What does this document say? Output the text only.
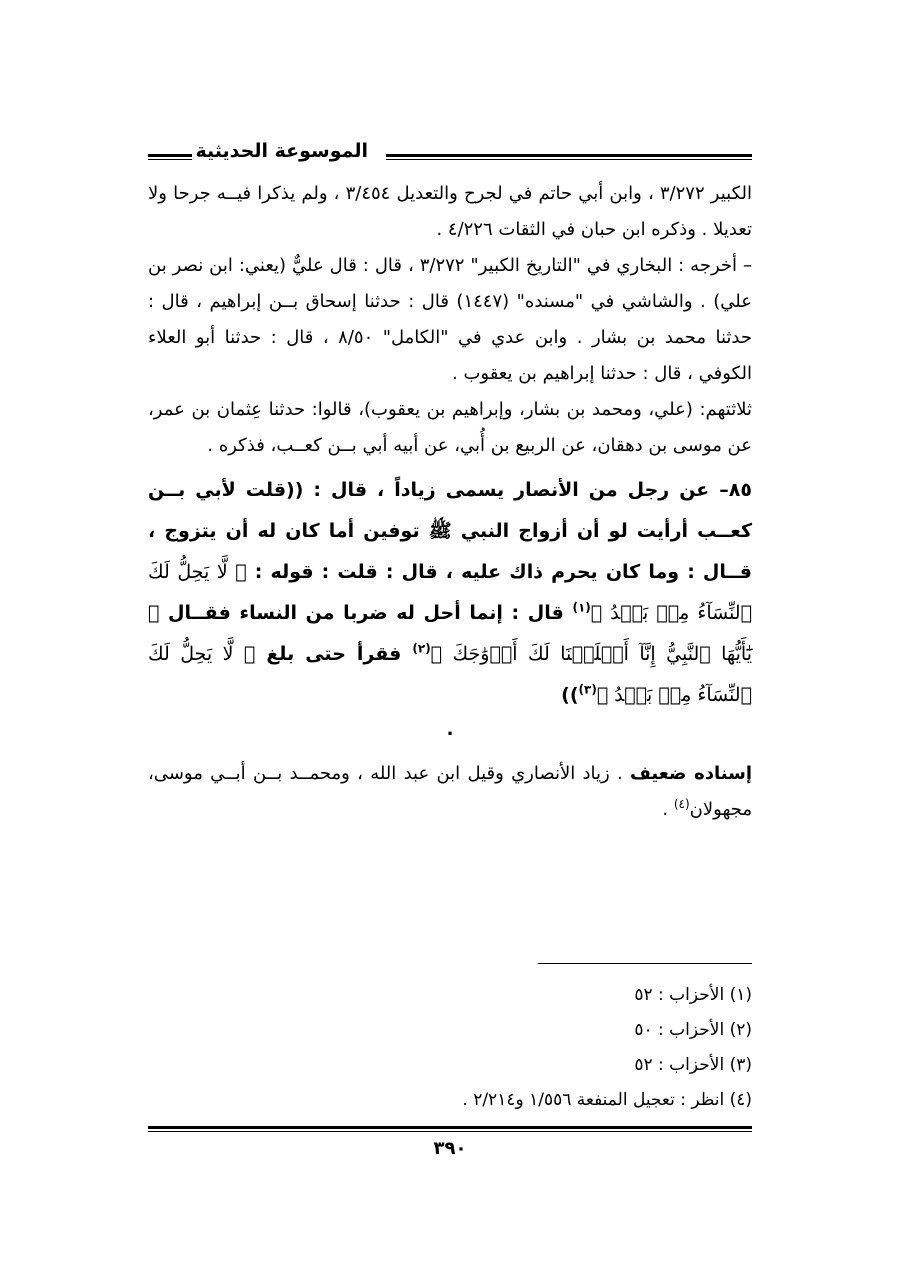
الموسوعة الحديثية

الكبير ٣/٢٧٢ ، وابن أبي حاتم في لجرح والتعديل ٣/٤٥٤ ، ولم يذكرا فيــه جرحا ولا تعديلا . وذكره ابن حبان في الثقات ٤/٢٢٦ .

– أخرجه : البخاري في "التاريخ الكبير" ٣/٢٧٢ ، قال : قال عليٌّ (يعني: ابن نصر بن علي) . والشاشي في "مسنده" (١٤٤٧) قال : حدثنا إسحاق بــن إبراهيم ، قال : حدثنا محمد بن بشار . وابن عدي في "الكامل" ٨/٥٠ ، قال : حدثنا أبو العلاء الكوفي ، قال : حدثنا إبراهيم بن يعقوب .

ثلاثتهم: (علي، ومحمد بن بشار، وإبراهيم بن يعقوب)، قالوا: حدثنا عِثمان بن عمر، عن موسى بن دهقان، عن الربيع بن أُبي، عن أبيه أبي بــن كعــب، فذكره .

٨٥– عن رجل من الأنصار يسمى زياداً ، قال : ((قلت لأبي بــن كعــب أرأيت لو أن أزواج النبي ﷺ توفين أما كان له أن يتزوج ، قــال : وما كان يحرم ذاك عليه ، قال : قلت : قوله : ﴿ لَّا يَحِلُّ لَكَ ٱلنِّسَآءُ مِنۢ بَعۡدُ ﴾$^{(١)}$ قال : إنما أحل له ضربا من النساء فقــال ﴿ يَٰٓأَيُّهَا ٱلنَّبِيُّ إِنَّآ أَحۡلَلۡنَا لَكَ أَزۡوَٰجَكَ ﴾$^{(٢)}$ فقرأ حتى بلغ ﴿ لَّا يَحِلُّ لَكَ ٱلنِّسَآءُ مِنۢ بَعۡدُ ﴾$^{(٣)}$))

.

إسناده ضعيف . زياد الأنصاري وقيل ابن عبد الله ، ومحمــد بــن أبــي موسى، مجهولان$^{(٤)}$ .

(١) الأحزاب : ٥٢

(٢) الأحزاب : ٥٠

(٣) الأحزاب : ٥٢

(٤) انظر : تعجيل المنفعة ١/٥٥٦ و٢/٢١٤ .

٣٩٠
